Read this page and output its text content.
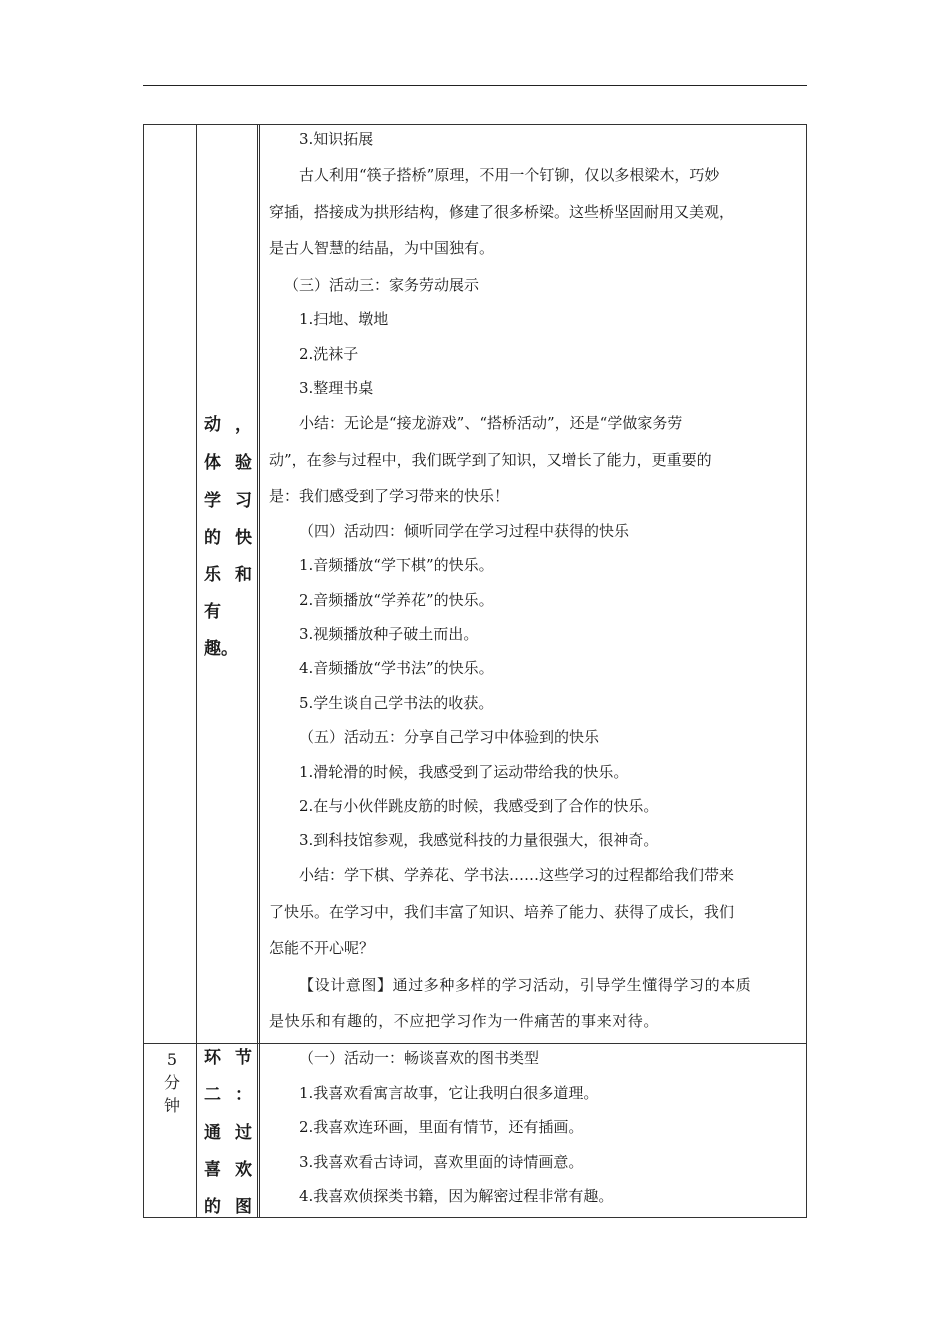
动 ，
体 验
学 习
的 快
乐 和
有
趣。
3.知识拓展
古人利用“筷子搭桥”原理，不用一个钉铆，仅以多根梁木，巧妙
穿插，搭接成为拱形结构，修建了很多桥梁。这些桥坚固耐用又美观，
是古人智慧的结晶，为中国独有。
（三）活动三：家务劳动展示
1.扫地、墩地
2.洗袜子
3.整理书桌
小结：无论是“接龙游戏”、“搭桥活动”，还是“学做家务劳
动”，在参与过程中，我们既学到了知识，又增长了能力，更重要的
是：我们感受到了学习带来的快乐！
（四）活动四：倾听同学在学习过程中获得的快乐
1.音频播放“学下棋”的快乐。
2.音频播放“学养花”的快乐。
3.视频播放种子破土而出。
4.音频播放“学书法”的快乐。
5.学生谈自己学书法的收获。
（五）活动五：分享自己学习中体验到的快乐
1.滑轮滑的时候，我感受到了运动带给我的快乐。
2.在与小伙伴跳皮筋的时候，我感受到了合作的快乐。
3.到科技馆参观，我感觉科技的力量很强大，很神奇。
小结：学下棋、学养花、学书法……这些学习的过程都给我们带来
了快乐。在学习中，我们丰富了知识、培养了能力、获得了成长，我们
怎能不开心呢？
【设计意图】通过多种多样的学习活动，引导学生懂得学习的本质
是快乐和有趣的，不应把学习作为一件痛苦的事来对待。
5
分
钟
环 节
二 ：
通 过
喜 欢
的 图
（一）活动一：畅谈喜欢的图书类型
1.我喜欢看寓言故事，它让我明白很多道理。
2.我喜欢连环画，里面有情节，还有插画。
3.我喜欢看古诗词，喜欢里面的诗情画意。
4.我喜欢侦探类书籍，因为解密过程非常有趣。
